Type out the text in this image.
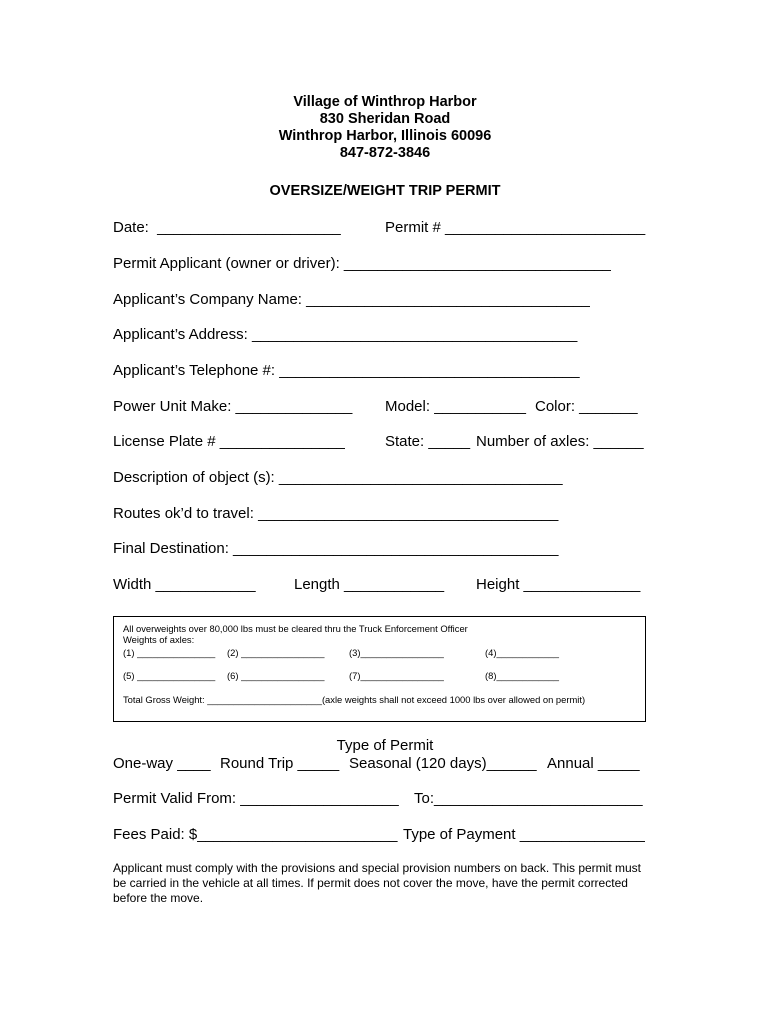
Village of Winthrop Harbor
830 Sheridan Road
Winthrop Harbor, Illinois 60096
847-872-3846
OVERSIZE/WEIGHT TRIP PERMIT
Date:  ______________________	Permit # ________________________
Permit Applicant (owner or driver): ________________________________
Applicant’s Company Name: __________________________________
Applicant’s Address: _______________________________________
Applicant’s Telephone #: ____________________________________
Power Unit Make: ______________ Model: ___________ Color: _______
License Plate # _______________	State: _____ Number of axles: ______
Description of object (s): __________________________________
Routes ok’d to travel: ____________________________________
Final Destination: _______________________________________
Width ____________	Length ____________ Height ______________
All overweights over 80,000 lbs must be cleared thru the Truck Enforcement Officer
Weights of axles:
(1) _______________ (2) ________________	(3)________________	(4)____________
(5) _______________ (6) ________________	(7)________________	(8)____________
Total Gross Weight: ______________________(axle weights shall not exceed 1000 lbs over allowed on permit)
Type of Permit
One-way ____ Round Trip _____ Seasonal (120 days)______ Annual _____
Permit Valid From: ___________________ To:_________________________
Fees Paid: $________________________ Type of Payment _______________
Applicant must comply with the provisions and special provision numbers on back. This permit must be carried in the vehicle at all times. If permit does not cover the move, have the permit corrected before the move.
